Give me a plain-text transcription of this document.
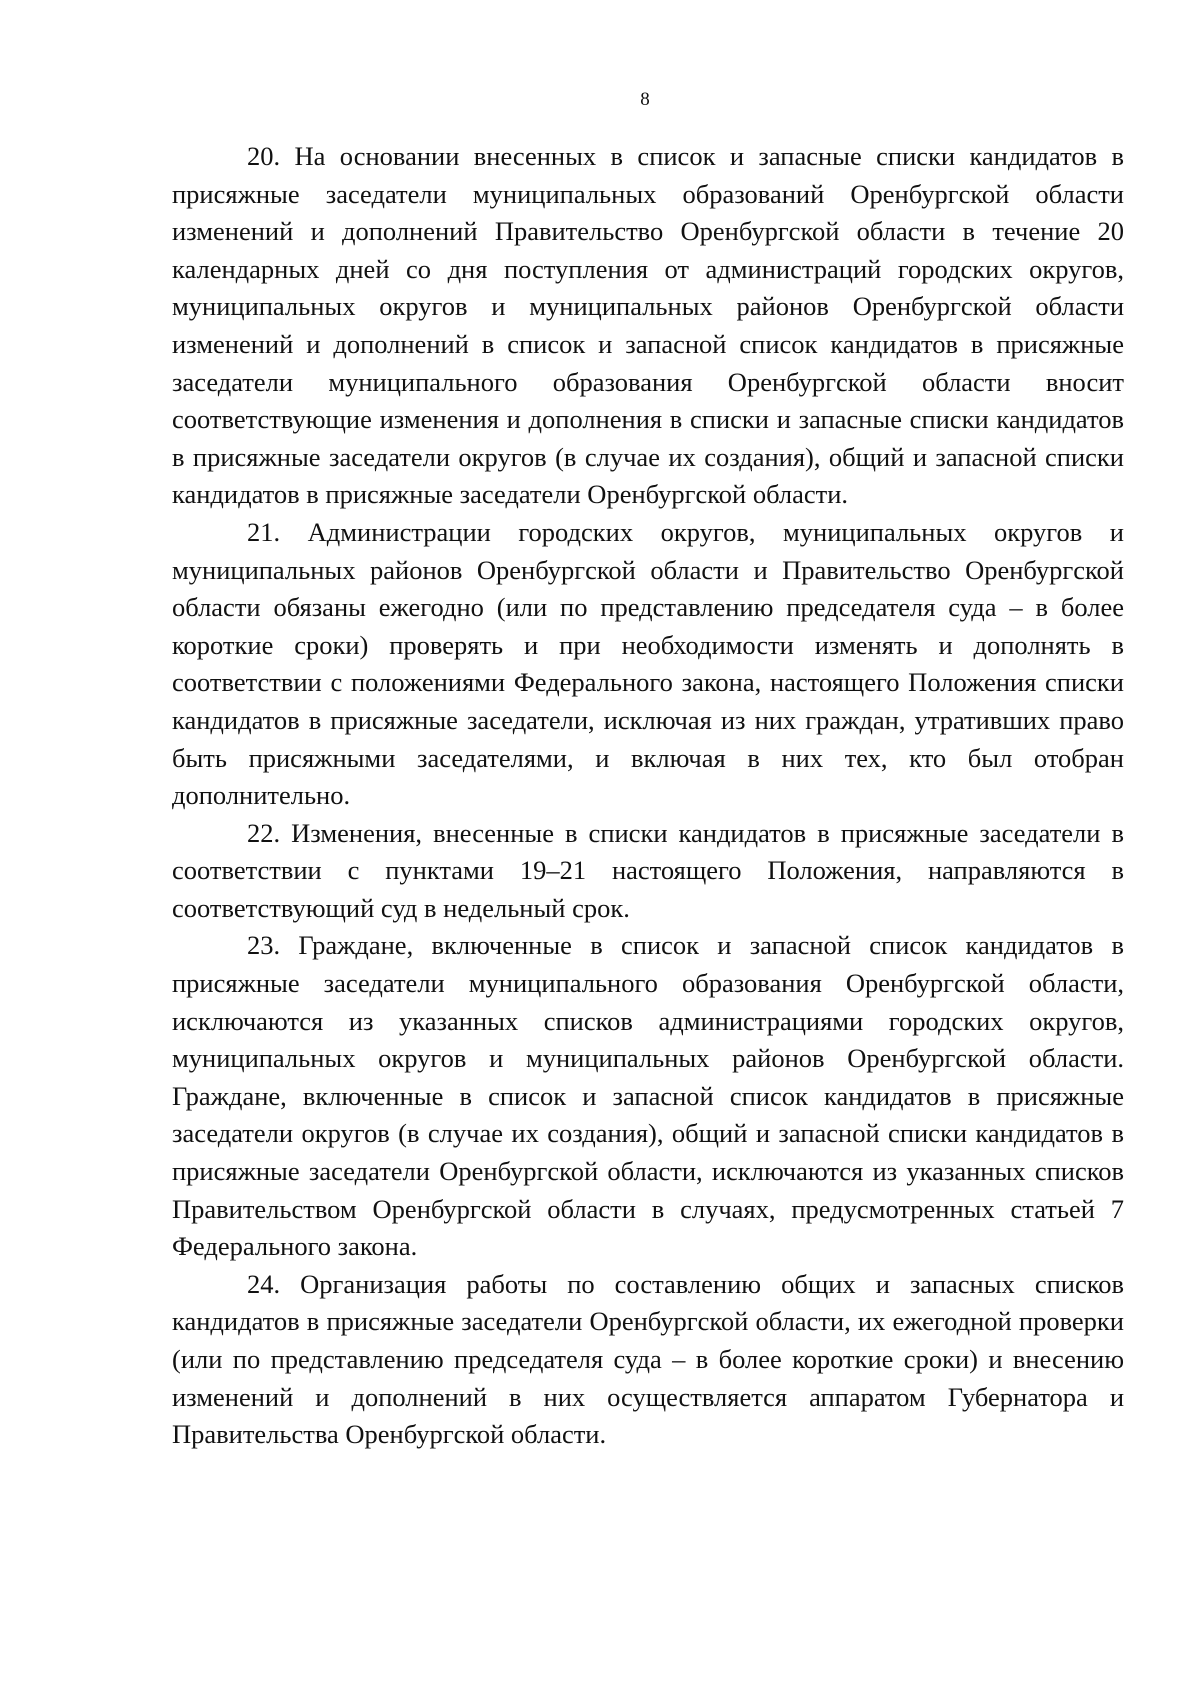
8

20. На основании внесенных в список и запасные списки кандидатов в присяжные заседатели муниципальных образований Оренбургской области изменений и дополнений Правительство Оренбургской области в течение 20 календарных дней со дня поступления от администраций городских округов, муниципальных округов и муниципальных районов Оренбургской области изменений и дополнений в список и запасной список кандидатов в присяжные заседатели муниципального образования Оренбургской области вносит соответствующие изменения и дополнения в списки и запасные списки кандидатов в присяжные заседатели округов (в случае их создания), общий и запасной списки кандидатов в присяжные заседатели Оренбургской области.

21. Администрации городских округов, муниципальных округов и муниципальных районов Оренбургской области и Правительство Оренбургской области обязаны ежегодно (или по представлению председателя суда – в более короткие сроки) проверять и при необходимости изменять и дополнять в соответствии с положениями Федерального закона, настоящего Положения списки кандидатов в присяжные заседатели, исключая из них граждан, утративших право быть присяжными заседателями, и включая в них тех, кто был отобран дополнительно.

22. Изменения, внесенные в списки кандидатов в присяжные заседатели в соответствии с пунктами 19–21 настоящего Положения, направляются в соответствующий суд в недельный срок.

23. Граждане, включенные в список и запасной список кандидатов в присяжные заседатели муниципального образования Оренбургской области, исключаются из указанных списков администрациями городских округов, муниципальных округов и муниципальных районов Оренбургской области. Граждане, включенные в список и запасной список кандидатов в присяжные заседатели округов (в случае их создания), общий и запасной списки кандидатов в присяжные заседатели Оренбургской области, исключаются из указанных списков Правительством Оренбургской области в случаях, предусмотренных статьей 7 Федерального закона.

24. Организация работы по составлению общих и запасных списков кандидатов в присяжные заседатели Оренбургской области, их ежегодной проверки (или по представлению председателя суда – в более короткие сроки) и внесению изменений и дополнений в них осуществляется аппаратом Губернатора и Правительства Оренбургской области.
